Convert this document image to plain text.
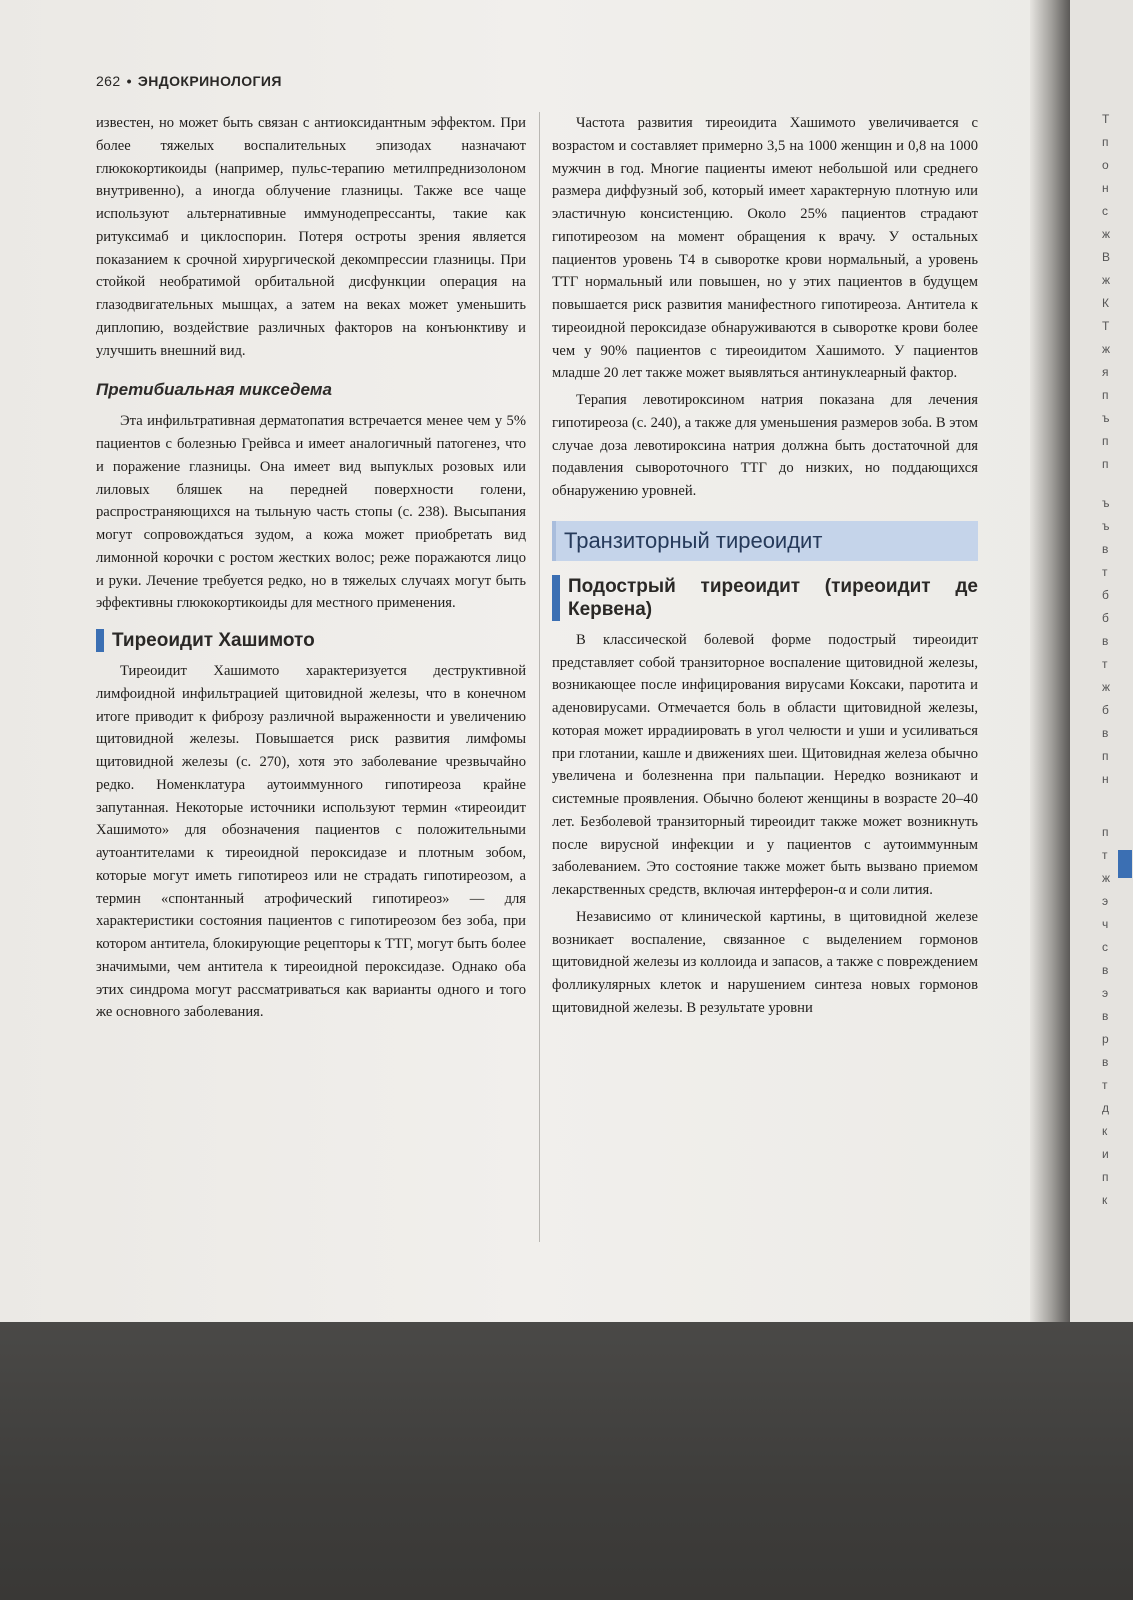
262 • ЭНДОКРИНОЛОГИЯ

известен, но может быть связан с антиоксидантным эффектом. При более тяжелых воспалительных эпизодах назначают глюкокортикоиды (например, пульс-терапию метилпреднизолоном внутривенно), а иногда облучение глазницы. Также все чаще используют альтернативные иммунодепрессанты, такие как ритуксимаб и циклоспорин. Потеря остроты зрения является показанием к срочной хирургической декомпрессии глазницы. При стойкой необратимой орбитальной дисфункции операция на глазодвигательных мышцах, а затем на веках может уменьшить диплопию, воздействие различных факторов на конъюнктиву и улучшить внешний вид.

Претибиальная микседема

Эта инфильтративная дерматопатия встречается менее чем у 5% пациентов с болезнью Грейвса и имеет аналогичный патогенез, что и поражение глазницы. Она имеет вид выпуклых розовых или лиловых бляшек на передней поверхности голени, распространяющихся на тыльную часть стопы (с. 238). Высыпания могут сопровождаться зудом, а кожа может приобретать вид лимонной корочки с ростом жестких волос; реже поражаются лицо и руки. Лечение требуется редко, но в тяжелых случаях могут быть эффективны глюкокортикоиды для местного применения.

Тиреоидит Хашимото

Тиреоидит Хашимото характеризуется деструктивной лимфоидной инфильтрацией щитовидной железы, что в конечном итоге приводит к фиброзу различной выраженности и увеличению щитовидной железы. Повышается риск развития лимфомы щитовидной железы (с. 270), хотя это заболевание чрезвычайно редко. Номенклатура аутоиммунного гипотиреоза крайне запутанная. Некоторые источники используют термин «тиреоидит Хашимото» для обозначения пациентов с положительными аутоантителами к тиреоидной пероксидазе и плотным зобом, которые могут иметь гипотиреоз или не страдать гипотиреозом, а термин «спонтанный атрофический гипотиреоз» — для характеристики состояния пациентов с гипотиреозом без зоба, при котором антитела, блокирующие рецепторы к ТТГ, могут быть более значимыми, чем антитела к тиреоидной пероксидазе. Однако оба этих синдрома могут рассматриваться как варианты одного и того же основного заболевания.

Частота развития тиреоидита Хашимото увеличивается с возрастом и составляет примерно 3,5 на 1000 женщин и 0,8 на 1000 мужчин в год. Многие пациенты имеют небольшой или среднего размера диффузный зоб, который имеет характерную плотную или эластичную консистенцию. Около 25% пациентов страдают гипотиреозом на момент обращения к врачу. У остальных пациентов уровень Т4 в сыворотке крови нормальный, а уровень ТТГ нормальный или повышен, но у этих пациентов в будущем повышается риск развития манифестного гипотиреоза. Антитела к тиреоидной пероксидазе обнаруживаются в сыворотке крови более чем у 90% пациентов с тиреоидитом Хашимото. У пациентов младше 20 лет также может выявляться антинуклеарный фактор.

Терапия левотироксином натрия показана для лечения гипотиреоза (с. 240), а также для уменьшения размеров зоба. В этом случае доза левотироксина натрия должна быть достаточной для подавления сывороточного ТТГ до низких, но поддающихся обнаружению уровней.

Транзиторный тиреоидит
Подострый тиреоидит (тиреоидит де Кервена)

В классической болевой форме подострый тиреоидит представляет собой транзиторное воспаление щитовидной железы, возникающее после инфицирования вирусами Коксаки, паротита и аденовирусами. Отмечается боль в области щитовидной железы, которая может иррадиировать в угол челюсти и уши и усиливаться при глотании, кашле и движениях шеи. Щитовидная железа обычно увеличена и болезненна при пальпации. Нередко возникают и системные проявления. Обычно болеют женщины в возрасте 20–40 лет. Безболевой транзиторный тиреоидит также может возникнуть после вирусной инфекции и у пациентов с аутоиммунным заболеванием. Это состояние также может быть вызвано приемом лекарственных средств, включая интерферон-α и соли лития.

Независимо от клинической картины, в щитовидной железе возникает воспаление, связанное с выделением гормонов щитовидной железы из коллоида и запасов, а также с повреждением фолликулярных клеток и нарушением синтеза новых гормонов щитовидной железы. В результате уровни

Т
п
о
н
с
ж
В
ж
К
Т
ж
я
п
ъ
п
п
ъ
ъ
в
т
б
б
в
т
ж
б
в
п
н
п
т
ж
э
ч
с
в
э
в
р
в
т
д
к
и
п
к
